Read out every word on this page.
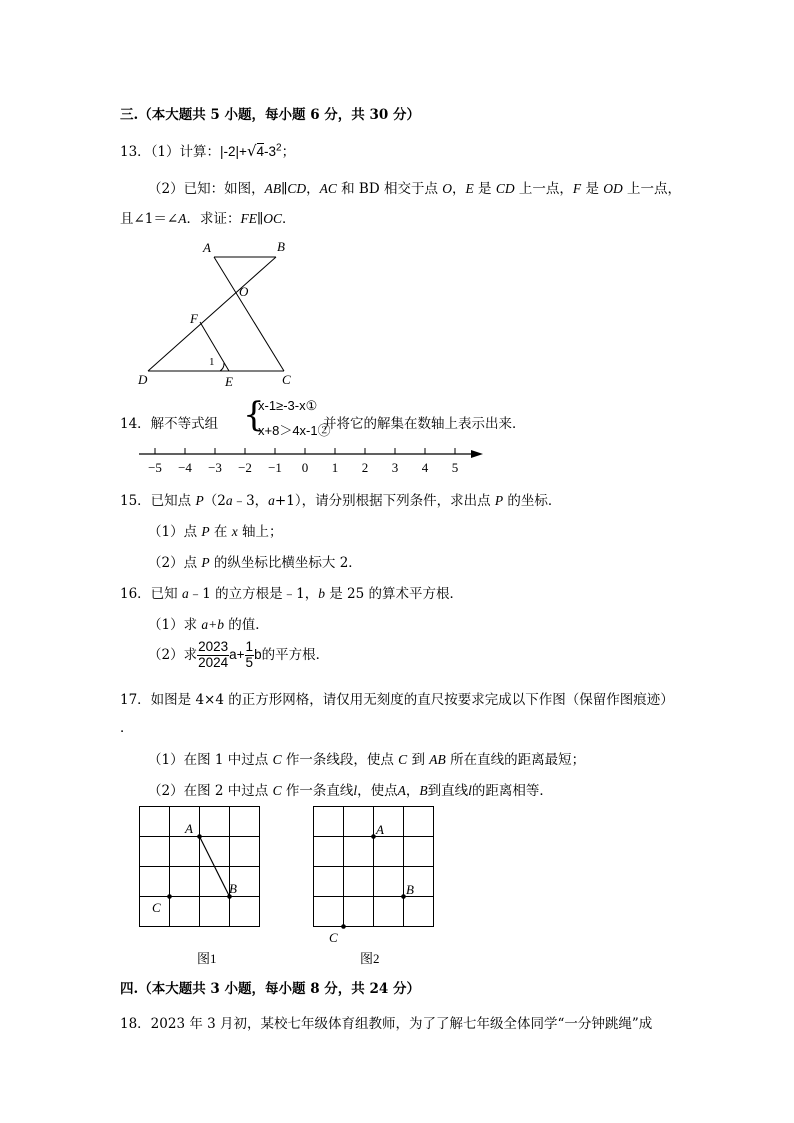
三.（本大题共 5 小题，每小题 6 分，共 30 分）
13．（1）计算：$|-2|+√4-3^2$；
（2）已知：如图，AB∥CD，AC 和 BD 相交于点 O，E 是 CD 上一点，F 是 OD 上一点，
且∠1＝∠A．求证：FE∥OC．
A	B
O
F
1
D	E	C
14．解不等式组 {
x-1≥-3-x①
x+8＞4x-1②
并将它的解集在数轴上表示出来．
−5 −4 −3 −2 −1 0 1 2 3 4 5
15．已知点 P（2a﹣3，a+1），请分别根据下列条件，求出点 P 的坐标．
（1）点 P 在 x 轴上；
（2）点 P 的纵坐标比横坐标大 2．
16．已知 a﹣1 的立方根是﹣1，b 是 25 的算术平方根．
（1）求 a+b 的值．
（2）求 $\frac{2023}{2024} a+ \frac{1}{5}$ b的平方根．
17．如图是 4×4 的正方形网格，请仅用无刻度的直尺按要求完成以下作图（保留作图痕迹）
．
（1）在图 1 中过点 C 作一条线段，使点 C 到 AB 所在直线的距离最短；
（2）在图 2 中过点 C 作一条直线l，使点A，B到直线l的距离相等．
A
B
C
图1
A
B
C
图2
四.（本大题共 3 小题，每小题 8 分，共 24 分）
18．2023 年 3 月初，某校七年级体育组教师，为了了解七年级全体同学“一分钟跳绳”成
